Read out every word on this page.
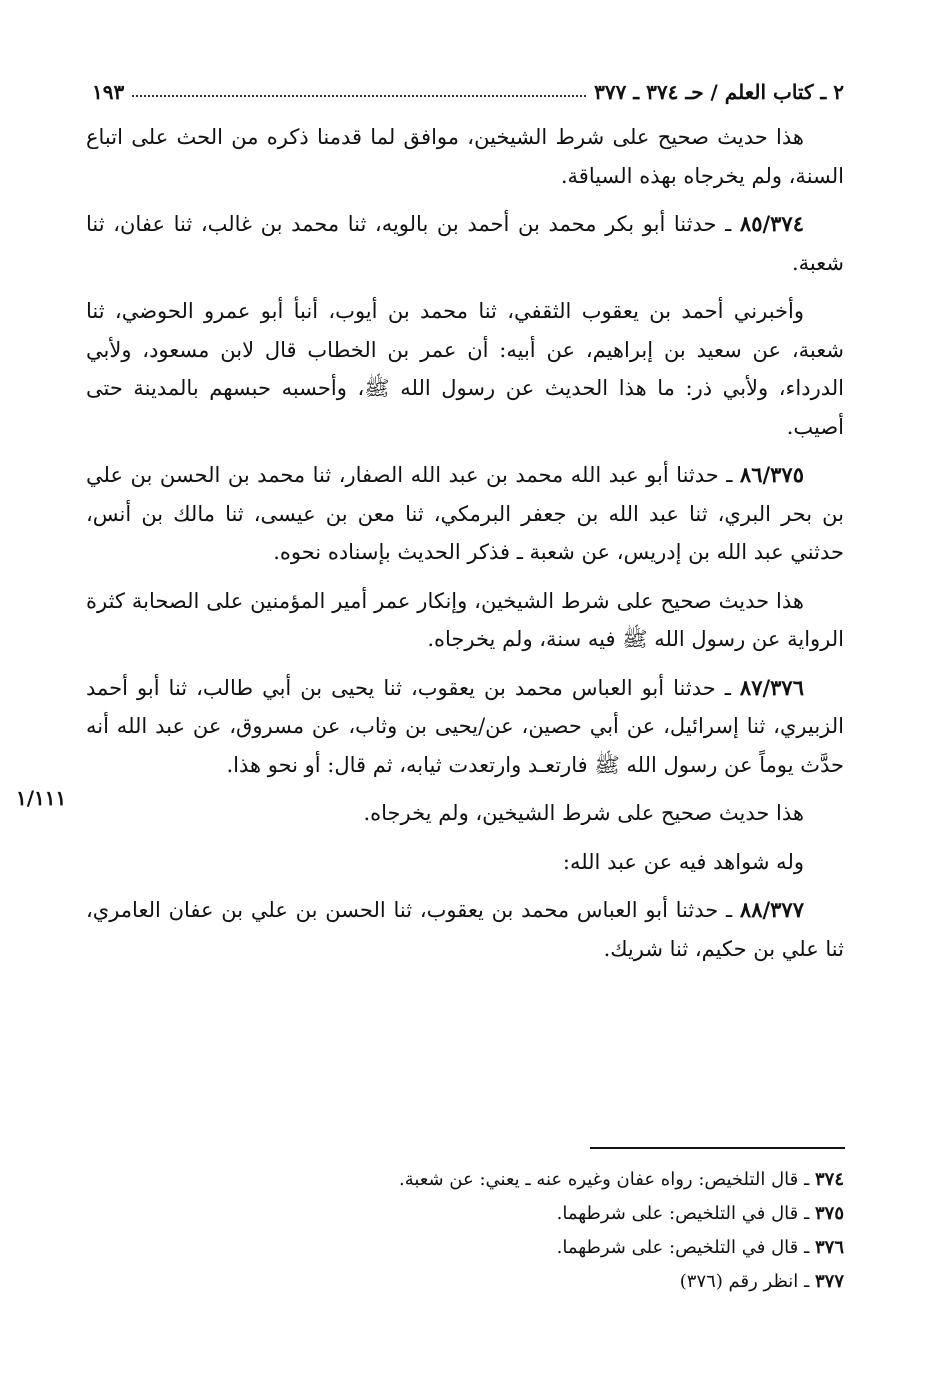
٢ ـ كتاب العلم / حـ ٣٧٤ ـ ٣٧٧
١٩٣

هذا حديث صحيح على شرط الشيخين، موافق لما قدمنا ذكره من الحث على اتباع السنة، ولم يخرجاه بهذه السياقة.

٨٥/٣٧٤ ـ حدثنا أبو بكر محمد بن أحمد بن بالويه، ثنا محمد بن غالب، ثنا عفان، ثنا شعبة.

وأخبرني أحمد بن يعقوب الثقفي، ثنا محمد بن أيوب، أنبأ أبو عمرو الحوضي، ثنا شعبة، عن سعيد بن إبراهيم، عن أبيه: أن عمر بن الخطاب قال لابن مسعود، ولأبي الدرداء، ولأبي ذر: ما هذا الحديث عن رسول الله ﷺ، وأحسبه حبسهم بالمدينة حتى أصيب.

٨٦/٣٧٥ ـ حدثنا أبو عبد الله محمد بن عبد الله الصفار، ثنا محمد بن الحسن بن علي بن بحر البري، ثنا عبد الله بن جعفر البرمكي، ثنا معن بن عيسى، ثنا مالك بن أنس، حدثني عبد الله بن إدريس، عن شعبة ـ فذكر الحديث بإسناده نحوه.

هذا حديث صحيح على شرط الشيخين، وإنكار عمر أمير المؤمنين على الصحابة كثرة الرواية عن رسول الله ﷺ فيه سنة، ولم يخرجاه.

٨٧/٣٧٦ ـ حدثنا أبو العباس محمد بن يعقوب، ثنا يحيى بن أبي طالب، ثنا أبو أحمد الزبيري، ثنا إسرائيل، عن أبي حصين، عن/يحيى بن وثاب، عن مسروق، عن عبد الله أنه حدَّث يوماً عن رسول الله ﷺ فارتعـد وارتعدت ثيابه، ثم قال: أو نحو هذا.

هذا حديث صحيح على شرط الشيخين، ولم يخرجاه.

وله شواهد فيه عن عبد الله:

٨٨/٣٧٧ ـ حدثنا أبو العباس محمد بن يعقوب، ثنا الحسن بن علي بن عفان العامري، ثنا علي بن حكيم، ثنا شريك.

١/١١١
٣٧٤ ـ قال التلخيص: رواه عفان وغيره عنه ـ يعني: عن شعبة.
٣٧٥ ـ قال في التلخيص: على شرطهما.
٣٧٦ ـ قال في التلخيص: على شرطهما.
٣٧٧ ـ انظر رقم (٣٧٦)
